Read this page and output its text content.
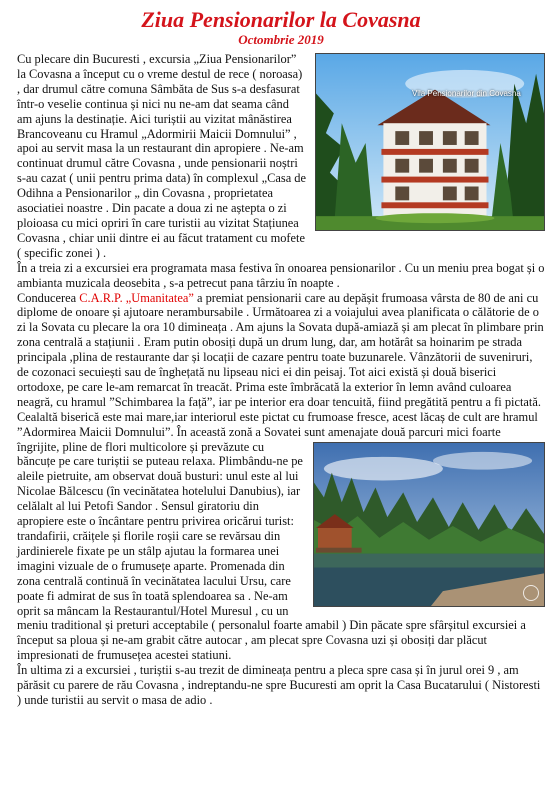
Ziua Pensionarilor la Covasna
Octombrie 2019
Vila Pensionarilor din Covasna

Cu plecare din Bucuresti , excursia „Ziua Pensionarilor” la Covasna a început cu o vreme destul de rece ( noroasa) , dar drumul către comuna Sâmbăta de Sus s-a desfasurat într-o veselie continua și nici nu ne-am dat seama când am ajuns la destinație. Aici turiștii au vizitat mânăstirea Brancoveanu cu Hramul „Adormirii Maicii Domnului” , apoi au servit masa la un restaurant din apropiere . Ne-am continuat drumul către Covasna , unde pensionarii noștri s-au cazat ( unii pentru prima data) în complexul „Casa de Odihna a Pensionarilor „ din Covasna , proprietatea asociatiei noastre . Din pacate a doua zi ne aștepta o zi ploioasa cu mici opriri în care turistii au vizitat Stațiunea Covasna , chiar unii dintre ei au făcut tratament cu mofete ( specific zonei ) .

În a treia zi a excursiei era programata masa festiva în onoarea pensionarilor . Cu un meniu prea bogat și o ambianta muzicala deosebita , s-a petrecut pana târziu în noapte .

Conducerea C.A.R.P. „Umanitatea” a premiat pensionarii care au depășit frumoasa vârsta de 80 de ani cu diplome de onoare și ajutoare nerambursabile . Următoarea zi a voiajului avea planificata o călătorie de o zi la Sovata cu plecare la ora 10 dimineața . Am ajuns la Sovata după-amiază și am plecat în plimbare prin zona centrală a stațiunii . Eram putin obosiți după un drum lung, dar, am hotărât sa hoinarim pe strada principala ,plina de restaurante dar și locații de cazare pentru toate buzunarele. Vânzătorii de suveniruri, de cozonaci secuiești sau de înghețată nu lipseau nici ei din peisaj. Tot aici există și două biserici ortodoxe, pe care le-am remarcat în treacăt. Prima este îmbrăcată la exterior în lemn având culoarea neagră, cu hramul ”Schimbarea la față”, iar pe interior era doar tencuită, fiind pregătită pentru a fi pictată. Cealaltă biserică este mai mare,iar interiorul este pictat cu frumoase fresce, acest lăcaș de cult are hramul ”Adormirea Maicii Domnului”. În această zonă a Sovatei sunt amenajate două parcuri mici foarte îngrijite,
pline de flori multicolore și prevăzute cu băncuțe pe care turiștii se puteau relaxa. Plimbându-ne pe aleile pietruite, am observat două busturi: unul este al lui Nicolae Bălcescu (în vecinătatea hotelului Danubius), iar celălalt al lui Petofi Sandor . Sensul giratoriu din apropiere este o încântare pentru privirea oricărui turist: trandafirii, crăițele și florile roșii care se revărsau din jardinierele fixate pe un stâlp ajutau la formarea unei imagini vizuale de o frumusețe aparte. Promenada din zona centrală continuă în vecinătatea lacului Ursu, care poate fi admirat de sus în toată splendoarea sa . Ne-am oprit sa mâncam la Restaurantul/Hotel Muresul , cu un meniu traditional și preturi acceptabile ( personalul foarte amabil ) Din păcate spre sfârșitul excursiei a început sa ploua și ne-am grabit către autocar , am plecat spre Covasna uzi și obosiți dar plăcut impresionati de frumusețea acestei statiuni.

În ultima zi a excursiei , turiștii s-au trezit de dimineața pentru a pleca spre casa și în jurul orei 9 , am părăsit cu parere de rău Covasna , indreptandu-ne spre Bucuresti am oprit la Casa Bucatarului ( Nistoresti ) unde turistii au servit o masa de adio .
